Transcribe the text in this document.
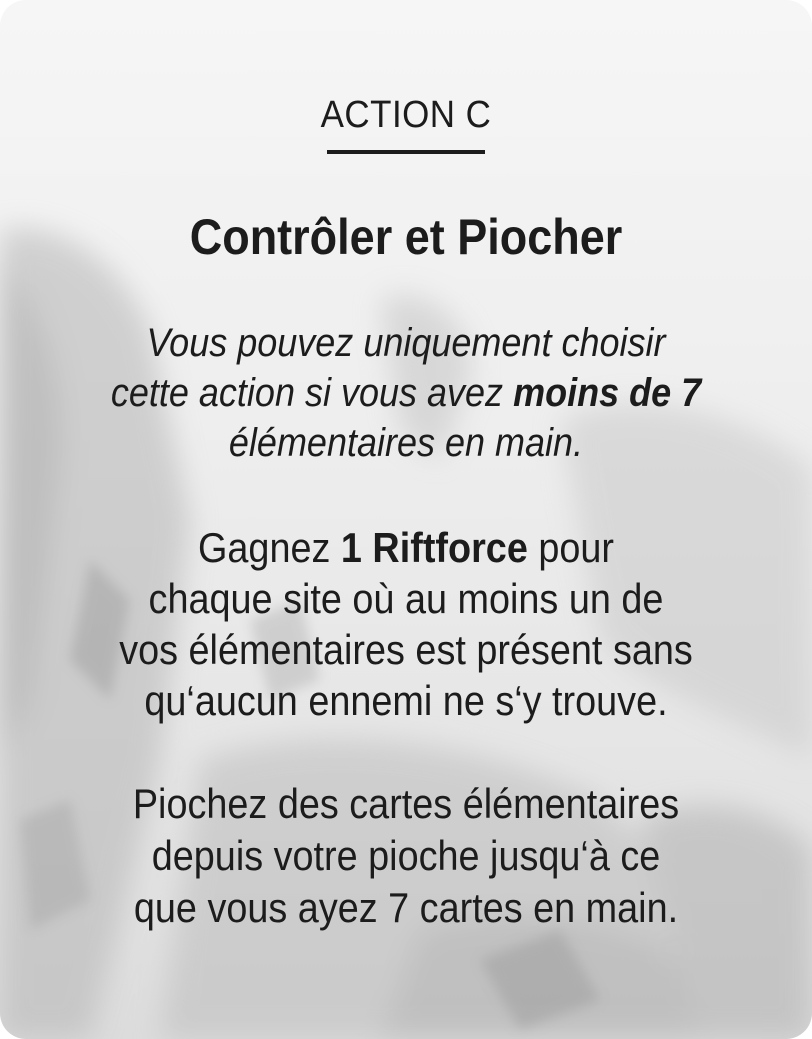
ACTION C
Contrôler et Piocher

Vous pouvez uniquement choisir
cette action si vous avez moins de 7
élémentaires en main.

Gagnez 1 Riftforce pour
chaque site où au moins un de
vos élémentaires est présent sans
qu‘aucun ennemi ne s‘y trouve.

Piochez des cartes élémentaires
depuis votre pioche jusqu‘à ce
que vous ayez 7 cartes en main.
